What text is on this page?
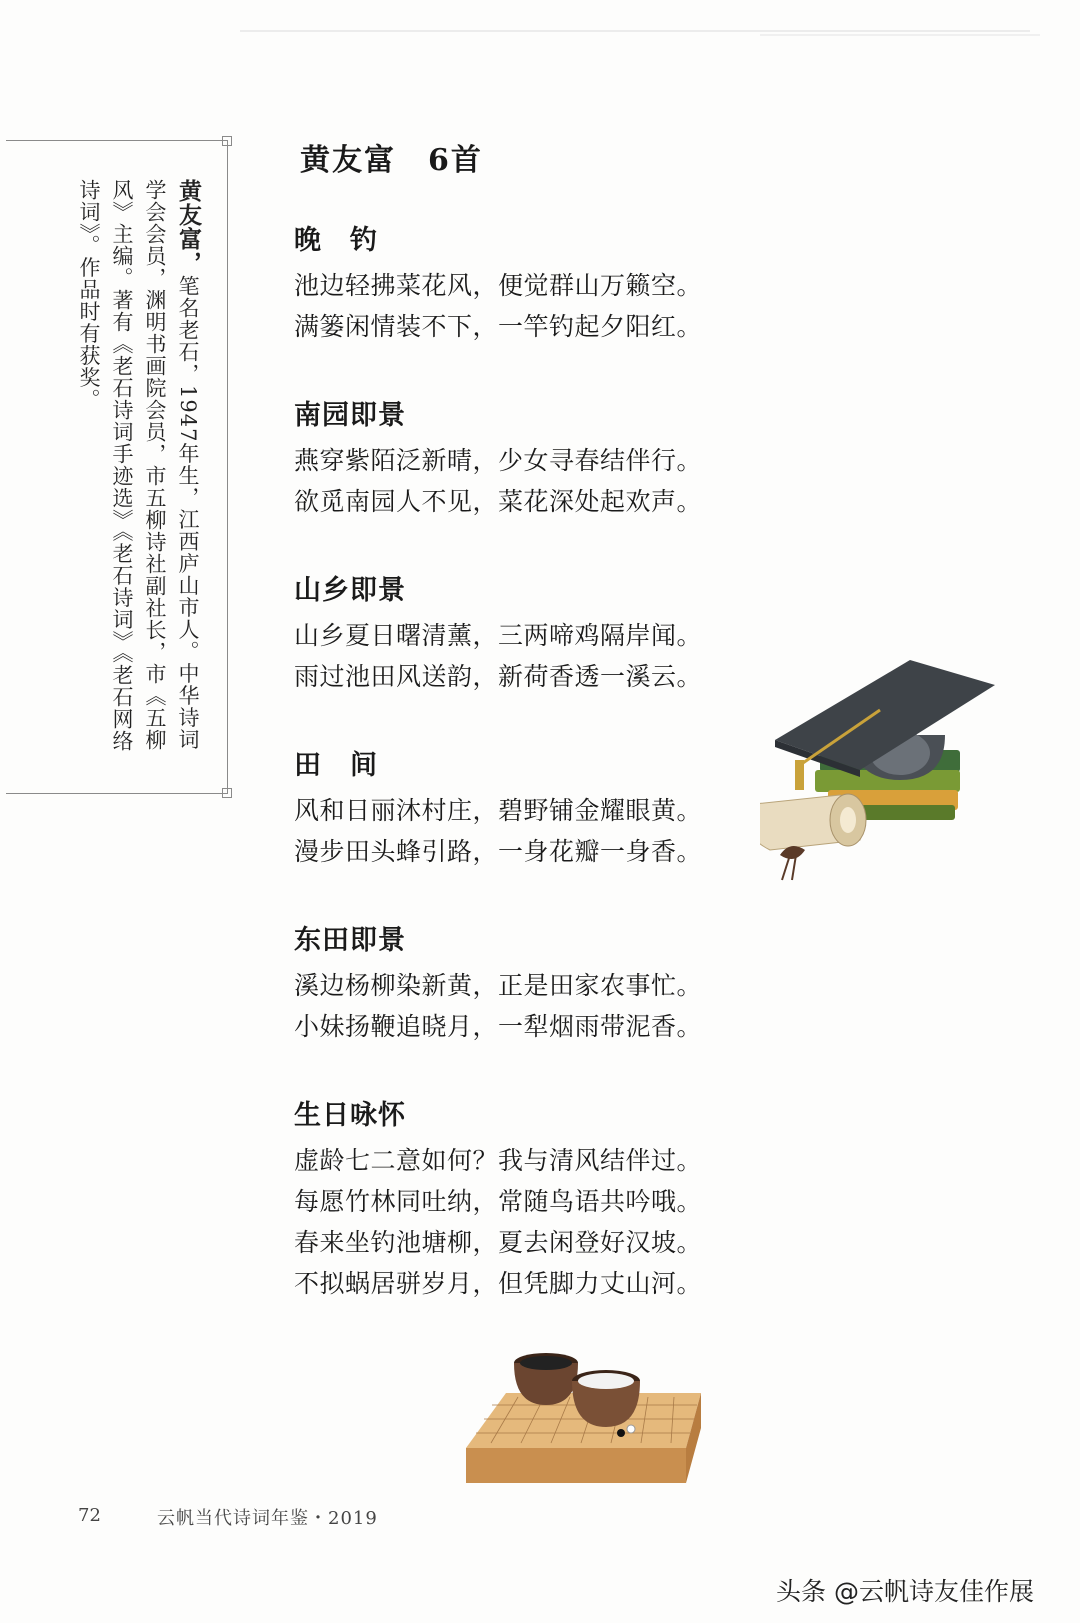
黄友富，笔名老石，1947年生，江西庐山市人。中华诗词学会会员，渊明书画院会员，市五柳诗社副社长，市《五柳风》主编。著有《老石诗词手迹选》《老石诗词》《老石网络诗词》。作品时有获奖。
黄友富　6首
晚　钓
池边轻拂菜花风，便觉群山万籁空。
满篓闲情装不下，一竿钓起夕阳红。
南园即景
燕穿紫陌泛新晴，少女寻春结伴行。
欲觅南园人不见，菜花深处起欢声。
山乡即景
山乡夏日曙清薰，三两啼鸡隔岸闻。
雨过池田风送韵，新荷香透一溪云。
田　间
风和日丽沐村庄，碧野铺金耀眼黄。
漫步田头蜂引路，一身花瓣一身香。
东田即景
溪边杨柳染新黄，正是田家农事忙。
小妹扬鞭追晓月，一犁烟雨带泥香。
生日咏怀
虚龄七二意如何？我与清风结伴过。
每愿竹林同吐纳，常随鸟语共吟哦。
春来坐钓池塘柳，夏去闲登好汉坡。
不拟蜗居骈岁月，但凭脚力丈山河。
72	云帆当代诗词年鉴・2019
头条 @云帆诗友佳作展
